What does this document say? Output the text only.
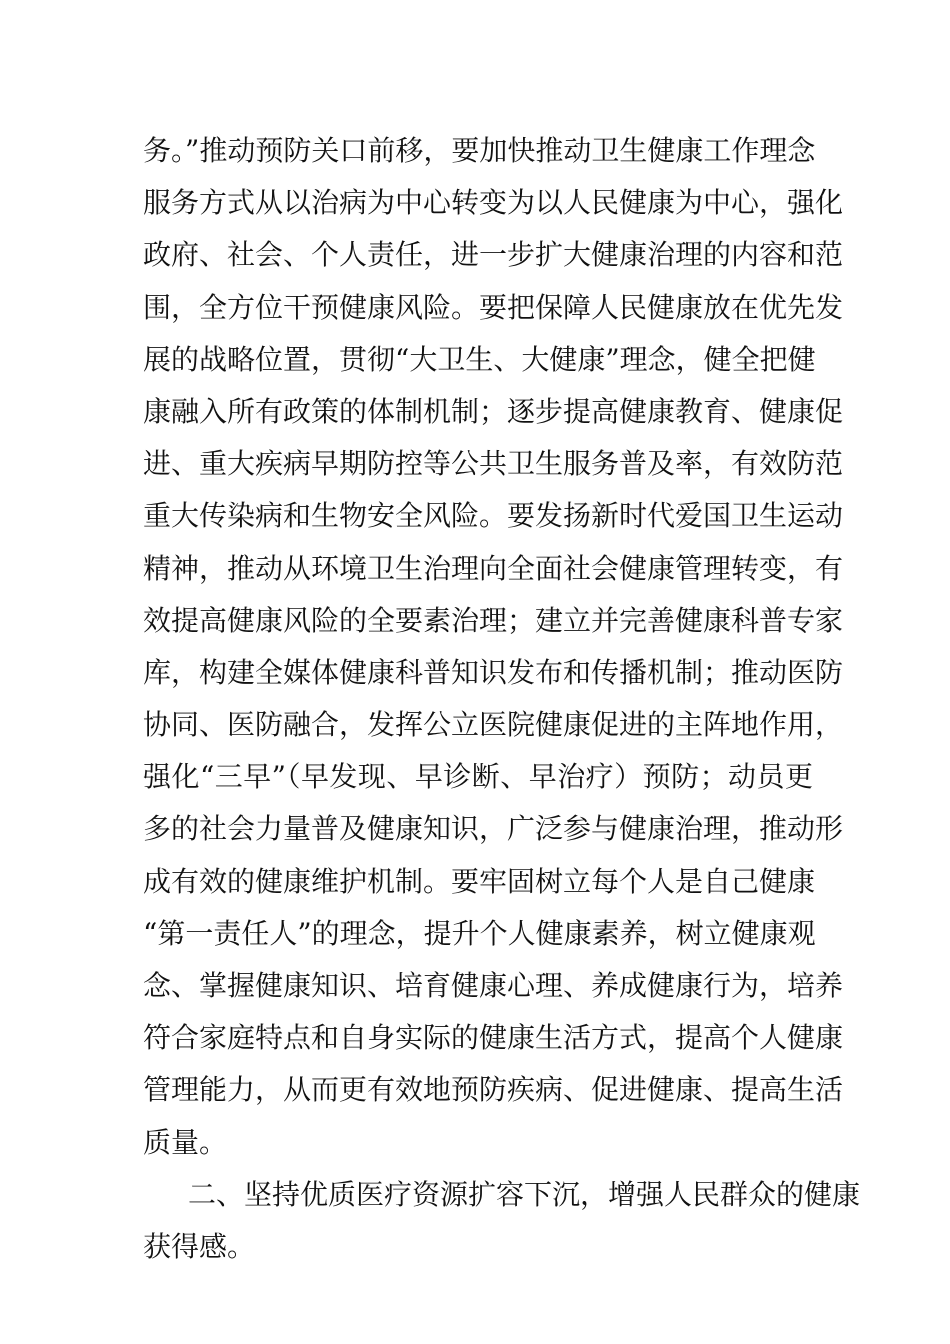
务。”推动预防关口前移，要加快推动卫生健康工作理念
服务方式从以治病为中心转变为以人民健康为中心，强化
政府、社会、个人责任，进一步扩大健康治理的内容和范
围，全方位干预健康风险。要把保障人民健康放在优先发
展的战略位置，贯彻“大卫生、大健康”理念，健全把健
康融入所有政策的体制机制；逐步提高健康教育、健康促
进、重大疾病早期防控等公共卫生服务普及率，有效防范
重大传染病和生物安全风险。要发扬新时代爱国卫生运动
精神，推动从环境卫生治理向全面社会健康管理转变，有
效提高健康风险的全要素治理；建立并完善健康科普专家
库，构建全媒体健康科普知识发布和传播机制；推动医防
协同、医防融合，发挥公立医院健康促进的主阵地作用，
强化“三早”（早发现、早诊断、早治疗）预防；动员更
多的社会力量普及健康知识，广泛参与健康治理，推动形
成有效的健康维护机制。要牢固树立每个人是自己健康
“第一责任人”的理念，提升个人健康素养，树立健康观
念、掌握健康知识、培育健康心理、养成健康行为，培养
符合家庭特点和自身实际的健康生活方式，提高个人健康
管理能力，从而更有效地预防疾病、促进健康、提高生活
质量。
二、坚持优质医疗资源扩容下沉，增强人民群众的健康
获得感。
